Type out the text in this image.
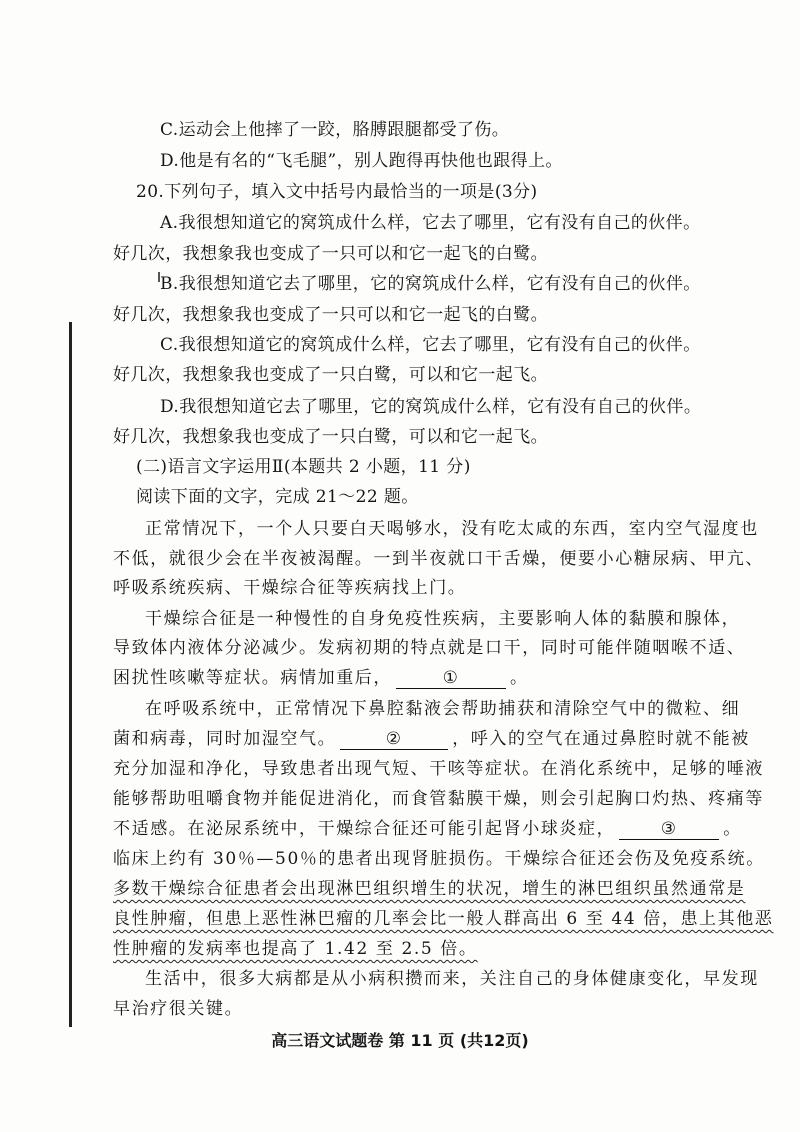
C.运动会上他摔了一跤，胳膊跟腿都受了伤。
D.他是有名的“飞毛腿”，别人跑得再快他也跟得上。
20.下列句子，填入文中括号内最恰当的一项是(3分)
A.我很想知道它的窝筑成什么样，它去了哪里，它有没有自己的伙伴。
好几次，我想象我也变成了一只可以和它一起飞的白鹭。
B.我很想知道它去了哪里，它的窝筑成什么样，它有没有自己的伙伴。
好几次，我想象我也变成了一只可以和它一起飞的白鹭。
C.我很想知道它的窝筑成什么样，它去了哪里，它有没有自己的伙伴。
好几次，我想象我也变成了一只白鹭，可以和它一起飞。
D.我很想知道它去了哪里，它的窝筑成什么样，它有没有自己的伙伴。
好几次，我想象我也变成了一只白鹭，可以和它一起飞。
(二)语言文字运用Ⅱ(本题共 2 小题，11 分)
阅读下面的文字，完成 21～22 题。
正常情况下，一个人只要白天喝够水，没有吃太咸的东西，室内空气湿度也
不低，就很少会在半夜被渴醒。一到半夜就口干舌燥，便要小心糖尿病、甲亢、
呼吸系统疾病、干燥综合征等疾病找上门。
干燥综合征是一种慢性的自身免疫性疾病，主要影响人体的黏膜和腺体，
导致体内液体分泌减少。发病初期的特点就是口干，同时可能伴随咽喉不适、
困扰性咳嗽等症状。病情加重后，	①	。
在呼吸系统中，正常情况下鼻腔黏液会帮助捕获和清除空气中的微粒、细
菌和病毒，同时加湿空气。	②	，呼入的空气在通过鼻腔时就不能被
充分加湿和净化，导致患者出现气短、干咳等症状。在消化系统中，足够的唾液
能够帮助咀嚼食物并能促进消化，而食管黏膜干燥，则会引起胸口灼热、疼痛等
不适感。在泌尿系统中，干燥综合征还可能引起肾小球炎症，	③	。
临床上约有 30％—50％的患者出现肾脏损伤。干燥综合征还会伤及免疫系统。
多数干燥综合征患者会出现淋巴组织增生的状况，增生的淋巴组织虽然通常是
良性肿瘤，但患上恶性淋巴瘤的几率会比一般人群高出 6 至 44 倍，患上其他恶
性肿瘤的发病率也提高了 1.42 至 2.5 倍。
生活中，很多大病都是从小病积攒而来，关注自己的身体健康变化，早发现
早治疗很关键。
高三语文试题卷 第 11 页 (共12页)
